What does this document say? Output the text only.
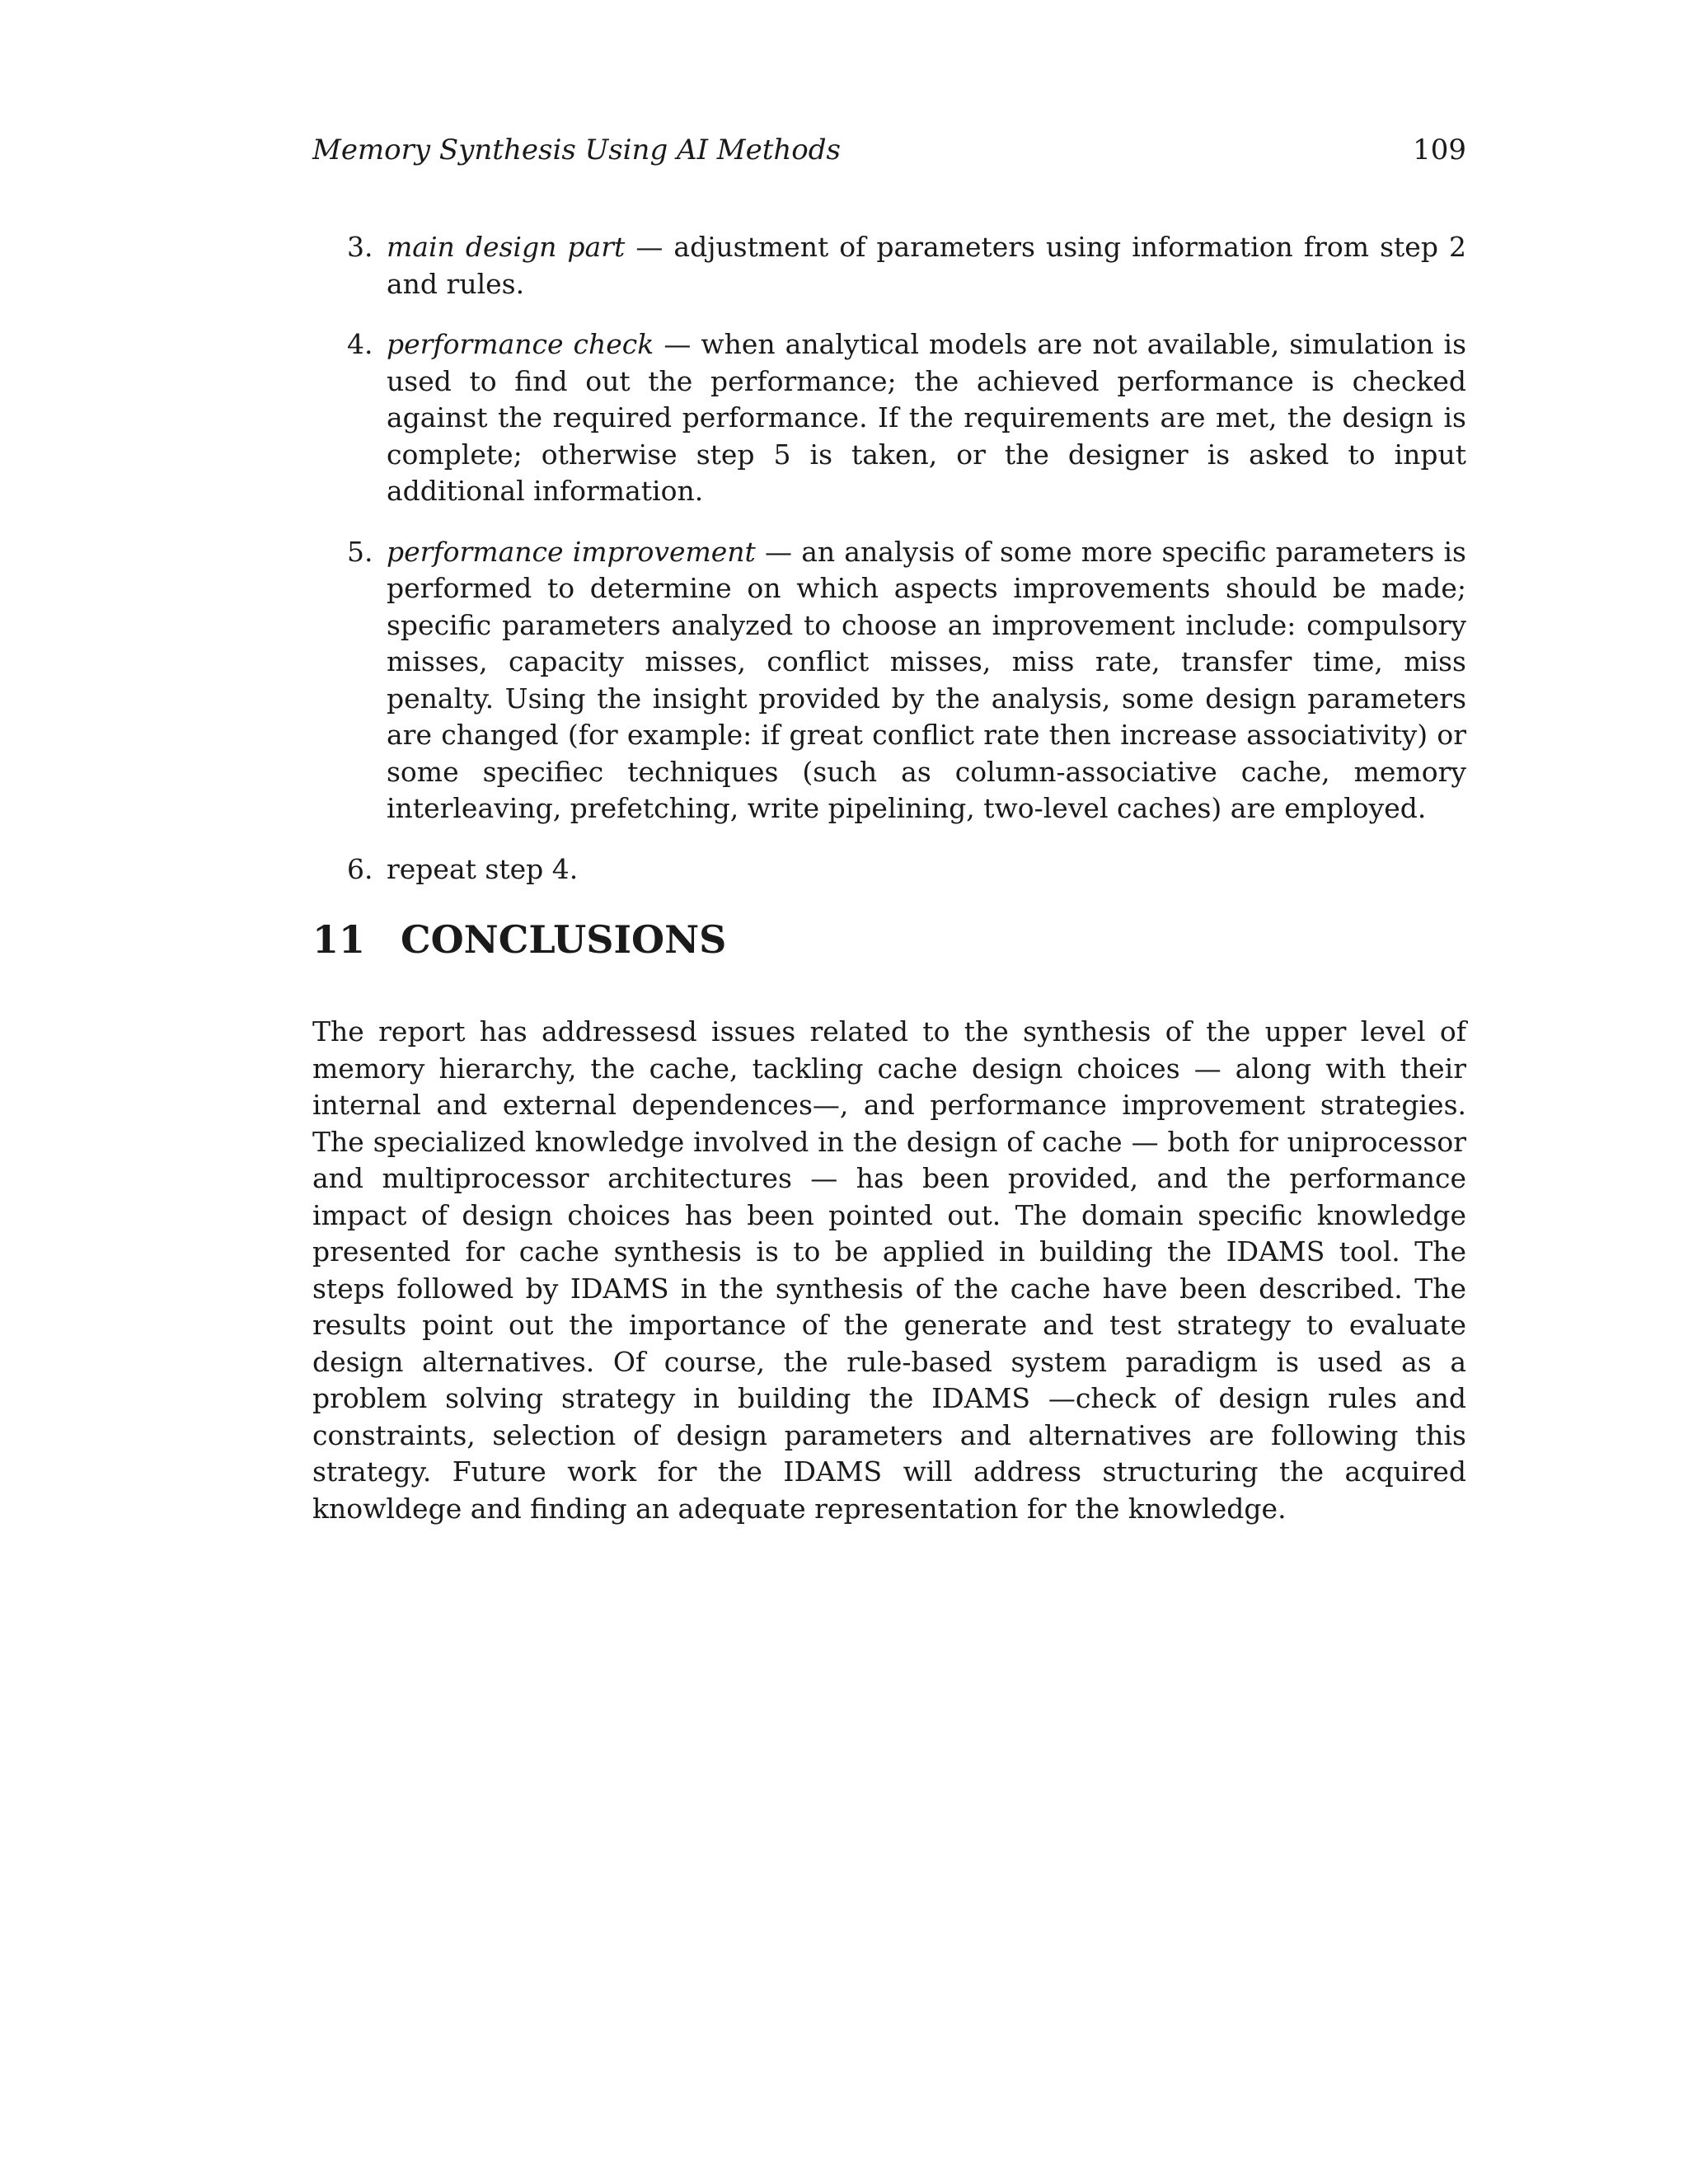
Memory Synthesis Using AI Methods	109
3. main design part — adjustment of parameters using information from step 2 and rules.
4. performance check — when analytical models are not available, simulation is used to find out the performance; the achieved performance is checked against the required performance. If the requirements are met, the design is complete; otherwise step 5 is taken, or the designer is asked to input additional information.
5. performance improvement — an analysis of some more specific parameters is performed to determine on which aspects improvements should be made; specific parameters analyzed to choose an improvement include: compulsory misses, capacity misses, conflict misses, miss rate, transfer time, miss penalty. Using the insight provided by the analysis, some design parameters are changed (for example: if great conflict rate then increase associativity) or some specifiec techniques (such as column-associative cache, memory interleaving, prefetching, write pipelining, two-level caches) are employed.
6. repeat step 4.
11 CONCLUSIONS

The report has addressesd issues related to the synthesis of the upper level of memory hierarchy, the cache, tackling cache design choices — along with their internal and external dependences—, and performance improvement strategies. The specialized knowledge involved in the design of cache — both for uniprocessor and multiprocessor architectures — has been provided, and the performance impact of design choices has been pointed out. The domain specific knowledge presented for cache synthesis is to be applied in building the IDAMS tool. The steps followed by IDAMS in the synthesis of the cache have been described. The results point out the importance of the generate and test strategy to evaluate design alternatives. Of course, the rule-based system paradigm is used as a problem solving strategy in building the IDAMS —check of design rules and constraints, selection of design parameters and alternatives are following this strategy. Future work for the IDAMS will address structuring the acquired knowldege and finding an adequate representation for the knowledge.
